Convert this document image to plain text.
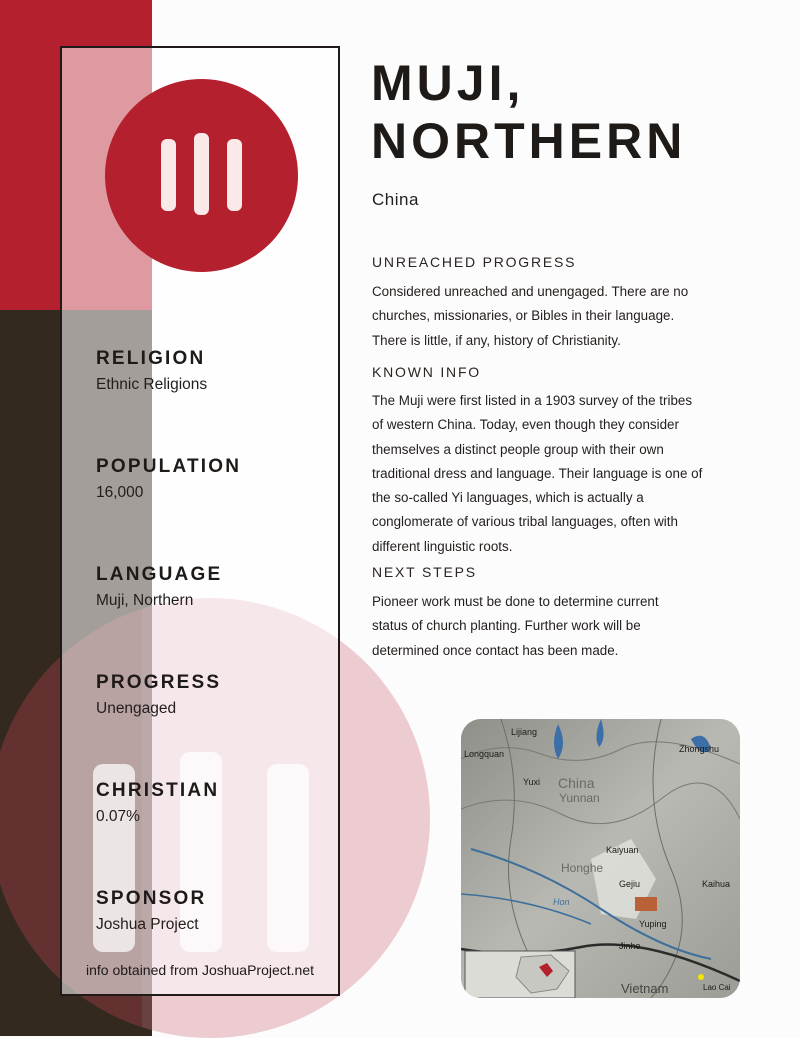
RELIGION
Ethnic Religions
POPULATION
16,000
LANGUAGE
Muji, Northern
PROGRESS
Unengaged
CHRISTIAN
0.07%
SPONSOR
Joshua Project
info obtained from JoshuaProject.net
MUJI,
NORTHERN
China
UNREACHED PROGRESS
Considered unreached and unengaged. There are no
churches, missionaries, or Bibles in their language.
There is little, if any, history of Christianity.
KNOWN INFO
The Muji were first listed in a 1903 survey of the tribes
of western China. Today, even though they consider
themselves a distinct people group with their own
traditional dress and language. Their language is one of
the so-called Yi languages, which is actually a
conglomerate of various tribal languages, often with
different linguistic roots.
NEXT STEPS
Pioneer work must be done to determine current
status of church planting. Further work will be
determined once contact has been made.
Lijiang
Longquan	Zhongshu
Yuxi China
Yunnan
Kaiyuan
Honghe
Gejiu	Kaihua
Hon
Yuping
Jinhe
Vietnam	Lao Cai
